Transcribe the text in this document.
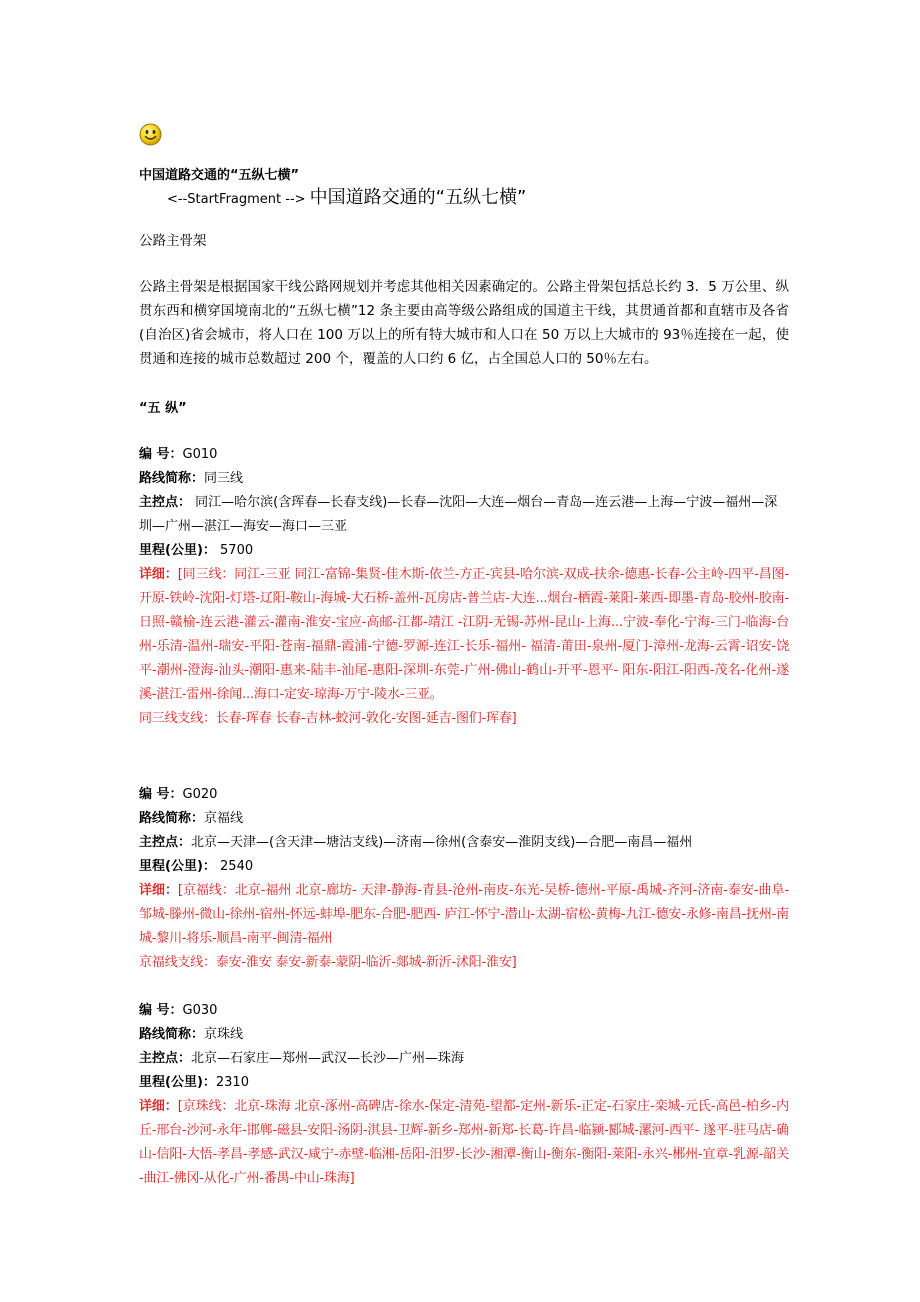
中国道路交通的“五纵七横”
<--StartFragment --> 中国道路交通的“五纵七横”
公路主骨架
公路主骨架是根据国家干线公路网规划并考虑其他相关因素确定的。公路主骨架包括总长约 3．5 万公里、纵贯东西和横穿国境南北的“五纵七横”12 条主要由高等级公路组成的国道主干线，其贯通首都和直辖市及各省(自治区)省会城市，将人口在 100 万以上的所有特大城市和人口在 50 万以上大城市的 93％连接在一起，使贯通和连接的城市总数超过 200 个，覆盖的人口约 6 亿，占全国总人口的 50％左右。
“五 纵”
编 号：G010
路线简称：同三线
主控点： 同江—哈尔滨(含珲春—长春支线)—长春—沈阳—大连—烟台—青岛—连云港—上海—宁波—福州—深圳—广州—湛江—海安—海口—三亚
里程(公里)： 5700
详细：[同三线：同江-三亚 同江-富锦-集贤-佳木斯-依兰-方正-宾县-哈尔滨-双成-扶余-德惠-长春-公主岭-四平-昌图-开原-铁岭-沈阳-灯塔-辽阳-鞍山-海城-大石桥-盖州-瓦房店-普兰店-大连...烟台-栖霞-莱阳-莱西-即墨-青岛-胶州-胶南-日照-赣榆-连云港-灌云-灌南-淮安-宝应-高邮-江都-靖江 -江阴-无锡-苏州-昆山-上海...宁波-奉化-宁海-三门-临海-台州-乐清-温州-瑞安-平阳-苍南-福鼎-霞浦-宁德-罗源-连江-长乐-福州- 福清-莆田-泉州-厦门-漳州-龙海-云霄-诏安-饶平-潮州-澄海-汕头-潮阳-惠来-陆丰-汕尾-惠阳-深圳-东莞-广州-佛山-鹤山-开平-恩平- 阳东-阳江-阳西-茂名-化州-遂溪-湛江-雷州-徐闻...海口-定安-琼海-万宁-陵水-三亚。
同三线支线：长春-珲春 长春-吉林-蛟河-敦化-安图-延吉-图们-珲春]
编 号：G020
路线简称：京福线
主控点：北京—天津—(含天津—塘沽支线)—济南—徐州(含泰安—淮阴支线)—合肥—南昌—福州
里程(公里)： 2540
详细：[京福线：北京-福州 北京-廊坊- 天津-静海-青县-沧州-南皮-东光-吴桥-德州-平原-禹城-齐河-济南-泰安-曲阜-邹城-滕州-微山-徐州-宿州-怀远-蚌埠-肥东-合肥-肥西- 庐江-怀宁-潜山-太湖-宿松-黄梅-九江-德安-永修-南昌-抚州-南城-黎川-将乐-顺昌-南平-闽清-福州
京福线支线：泰安-淮安 泰安-新泰-蒙阴-临沂-郯城-新沂-沭阳-淮安]
编 号：G030
路线简称：京珠线
主控点：北京—石家庄—郑州—武汉—长沙—广州—珠海
里程(公里)：2310
详细：[京珠线：北京-珠海 北京-涿州-高碑店-徐水-保定-清苑-望都-定州-新乐-正定-石家庄-栾城-元氏-高邑-柏乡-内丘-邢台-沙河-永年-邯郸-磁县-安阳-汤阴-淇县-卫辉-新乡-郑州-新郑-长葛-许昌-临颍-郾城-漯河-西平- 遂平-驻马店-确山-信阳-大悟-孝昌-孝感-武汉-咸宁-赤壁-临湘-岳阳-汨罗-长沙-湘潭-衡山-衡东-衡阳-莱阳-永兴-郴州-宜章-乳源-韶关 -曲江-佛冈-从化-广州-番禺-中山-珠海]
